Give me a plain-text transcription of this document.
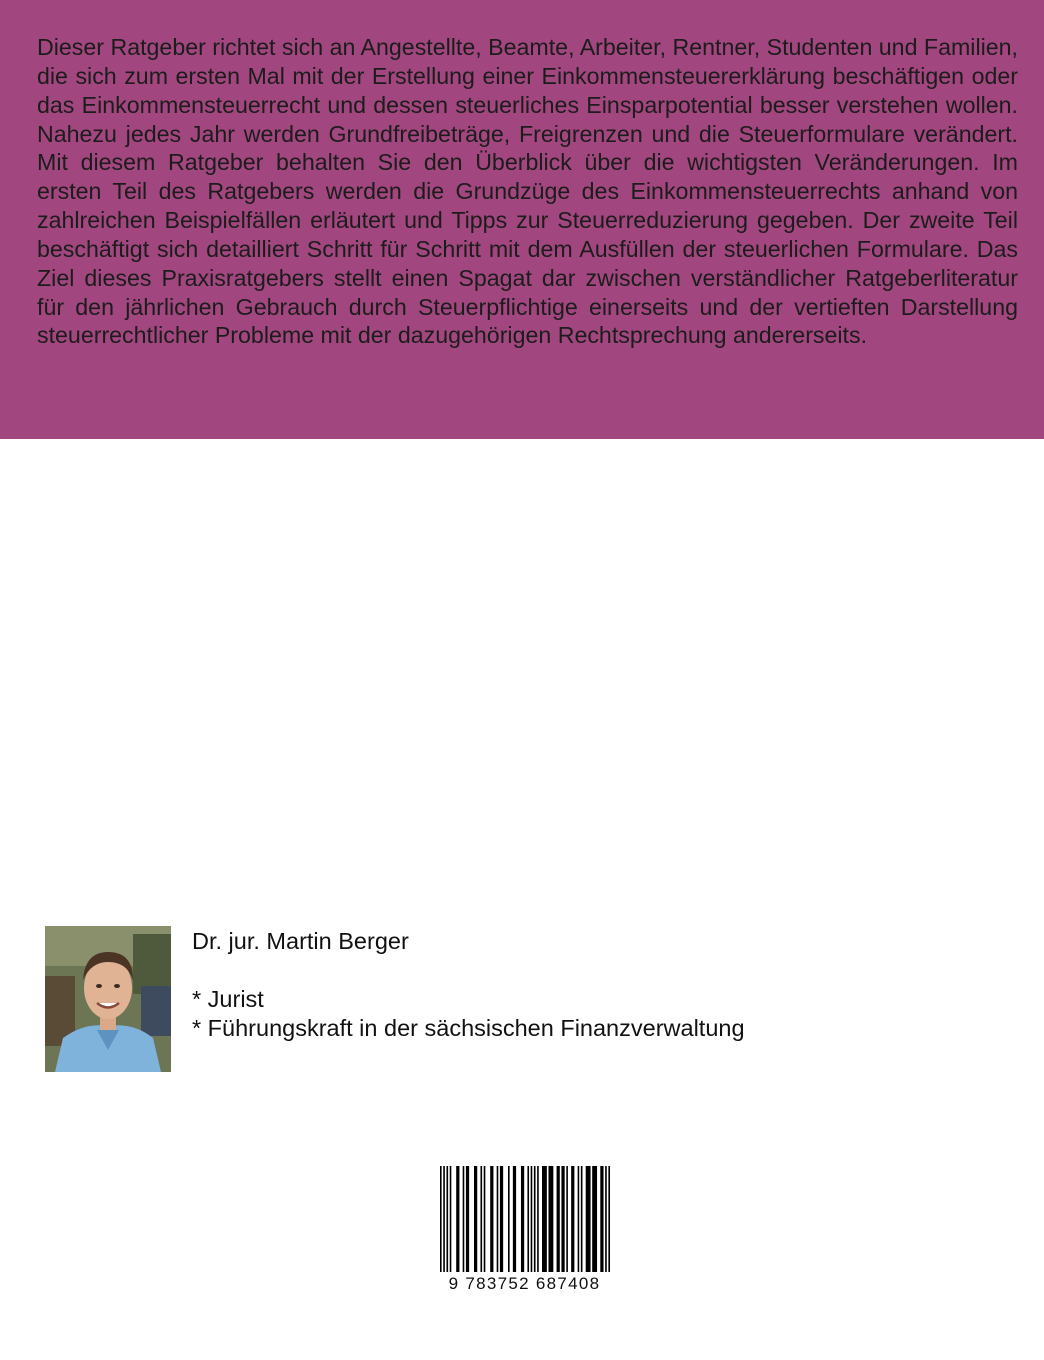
Dieser Ratgeber richtet sich an Angestellte, Beamte, Arbeiter, Rentner, Studenten und Familien, die sich zum ersten Mal mit der Erstellung einer Einkommensteuererklärung beschäftigen oder das Einkommensteuerrecht und dessen steuerliches Einsparpotential besser verstehen wollen. Nahezu jedes Jahr werden Grundfreibeträge, Freigrenzen und die Steuerformulare verändert. Mit diesem Ratgeber behalten Sie den Überblick über die wichtigsten Veränderungen. Im ersten Teil des Ratgebers werden die Grundzüge des Einkommensteuerrechts anhand von zahlreichen Beispielfällen erläutert und Tipps zur Steuerreduzierung gegeben. Der zweite Teil beschäftigt sich detailliert Schritt für Schritt mit dem Ausfüllen der steuerlichen Formulare. Das Ziel dieses Praxisratgebers stellt einen Spagat dar zwischen verständlicher Ratgeberliteratur für den jährlichen Gebrauch durch Steuerpflichtige einerseits und der vertieften Darstellung steuerrechtlicher Probleme mit der dazugehörigen Rechtsprechung andererseits.

Dr. jur. Martin Berger

* Jurist

* Führungskraft in der sächsischen Finanzverwaltung

9 783752 687408
